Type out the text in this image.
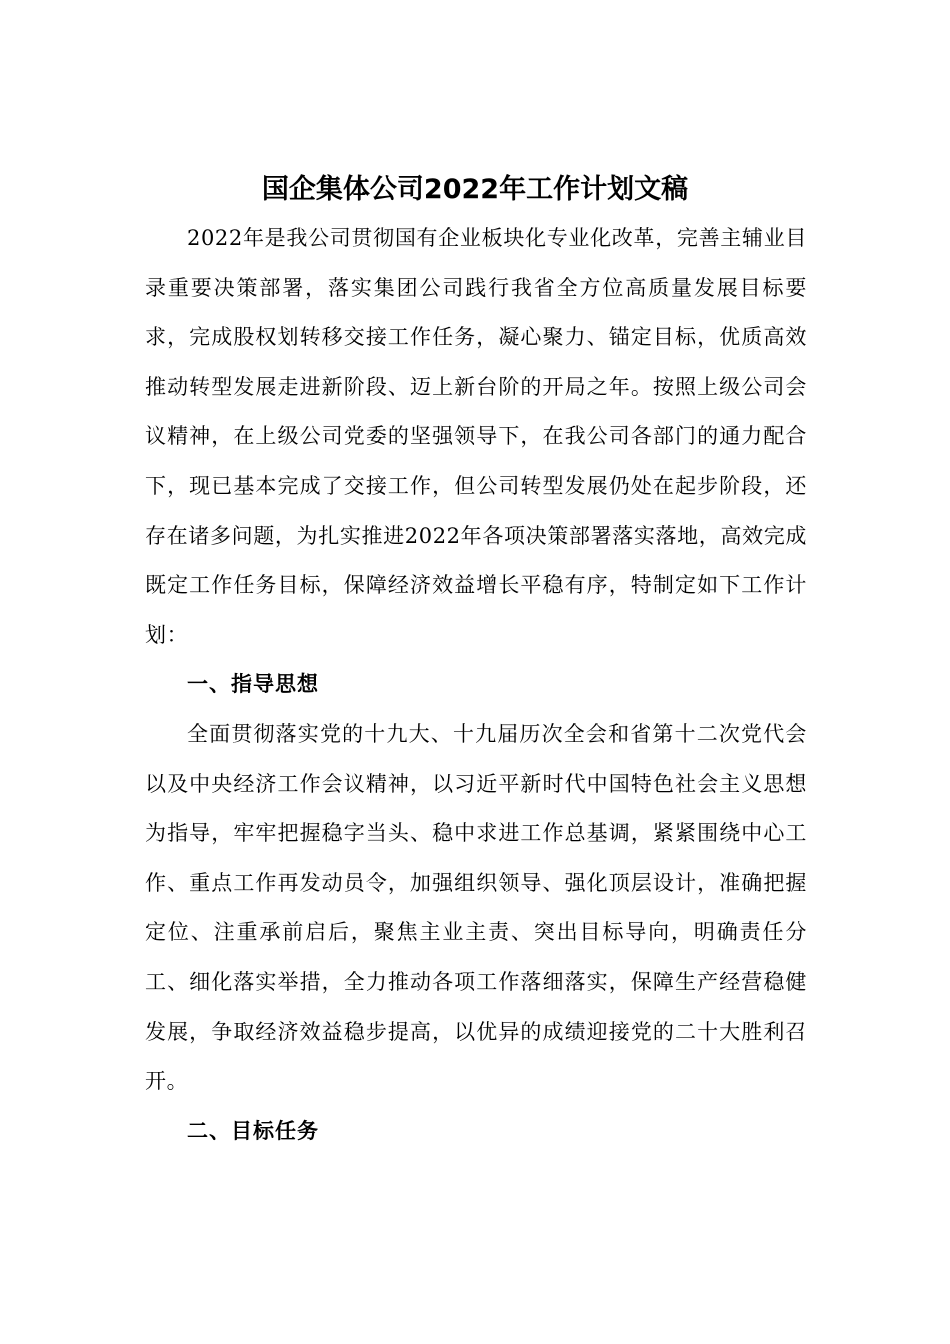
国企集体公司2022年工作计划文稿

2022年是我公司贯彻国有企业板块化专业化改革，完善主辅业目录重要决策部署，落实集团公司践行我省全方位高质量发展目标要求，完成股权划转移交接工作任务，凝心聚力、锚定目标，优质高效推动转型发展走进新阶段、迈上新台阶的开局之年。按照上级公司会议精神，在上级公司党委的坚强领导下，在我公司各部门的通力配合下，现已基本完成了交接工作，但公司转型发展仍处在起步阶段，还存在诸多问题，为扎实推进2022年各项决策部署落实落地，高效完成既定工作任务目标，保障经济效益增长平稳有序，特制定如下工作计划：

一、指导思想

全面贯彻落实党的十九大、十九届历次全会和省第十二次党代会以及中央经济工作会议精神，以习近平新时代中国特色社会主义思想为指导，牢牢把握稳字当头、稳中求进工作总基调，紧紧围绕中心工作、重点工作再发动员令，加强组织领导、强化顶层设计，准确把握定位、注重承前启后，聚焦主业主责、突出目标导向，明确责任分工、细化落实举措，全力推动各项工作落细落实，保障生产经营稳健发展，争取经济效益稳步提高，以优异的成绩迎接党的二十大胜利召开。

二、目标任务
